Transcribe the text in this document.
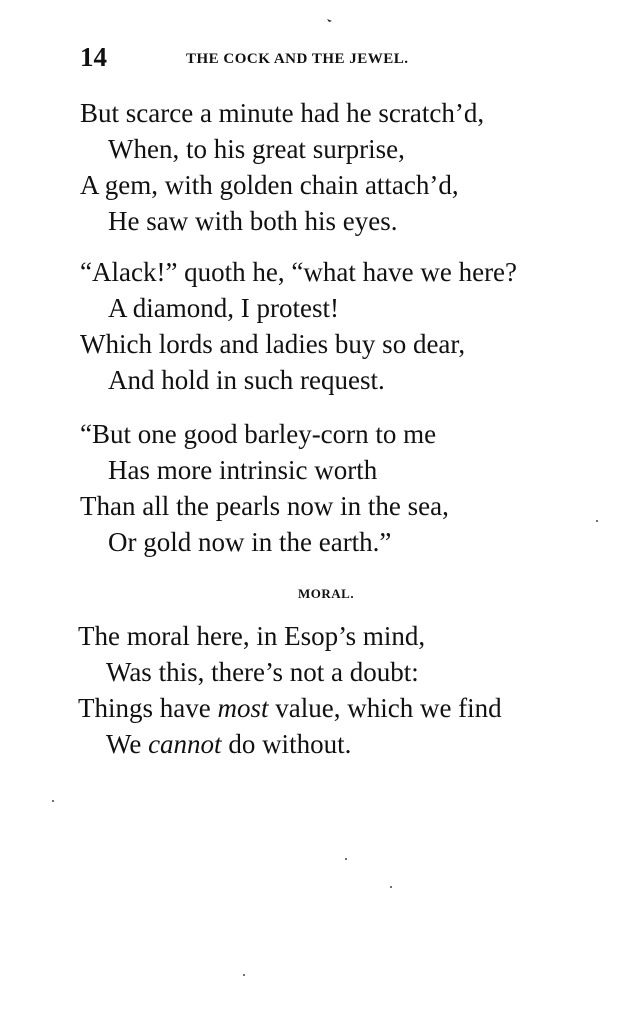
14	THE COCK AND THE JEWEL.
But scarce a minute had he scratch’d,
When, to his great surprise,
A gem, with golden chain attach’d,
He saw with both his eyes.
“Alack!” quoth he, “what have we here?
A diamond, I protest!
Which lords and ladies buy so dear,
And hold in such request.
“But one good barley-corn to me
Has more intrinsic worth
Than all the pearls now in the sea,
Or gold now in the earth.”
MORAL.
The moral here, in Esop’s mind,
Was this, there’s not a doubt:
Things have most value, which we find
We cannot do without.
